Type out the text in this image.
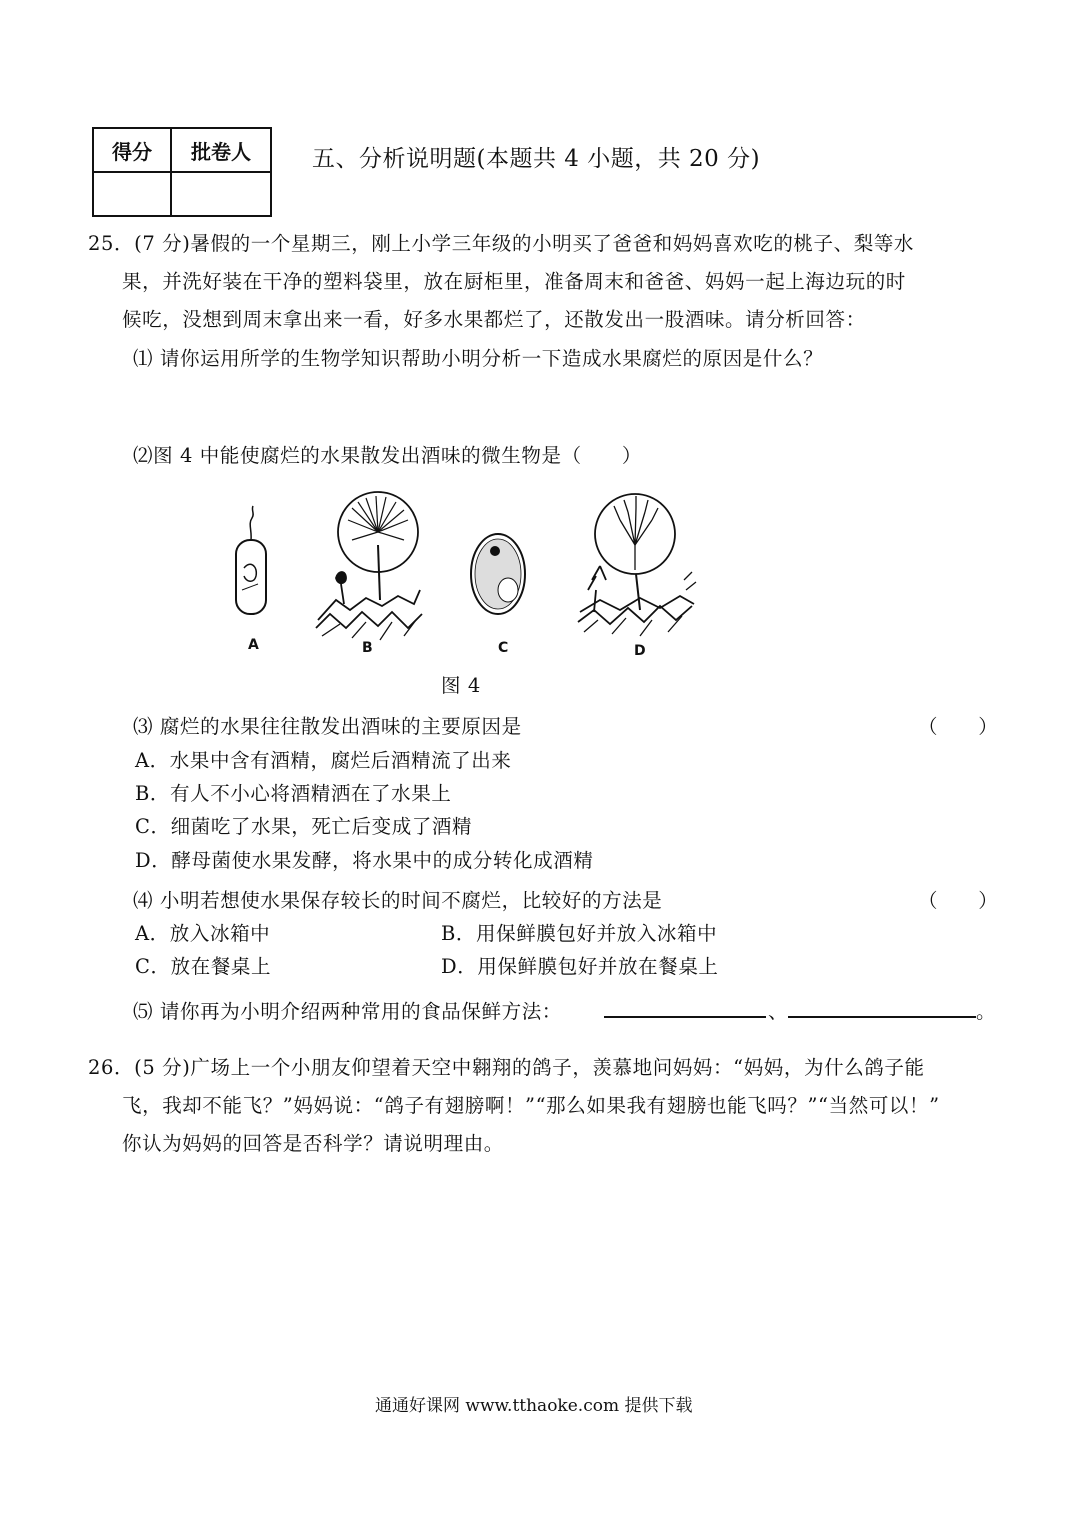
得分	批卷人
		五、分析说明题(本题共 4 小题，共 20 分)
25．(7 分)暑假的一个星期三，刚上小学三年级的小明买了爸爸和妈妈喜欢吃的桃子、梨等水
果，并洗好装在干净的塑料袋里，放在厨柜里，准备周末和爸爸、妈妈一起上海边玩的时
候吃，没想到周末拿出来一看，好多水果都烂了，还散发出一股酒味。请分析回答：
⑴ 请你运用所学的生物学知识帮助小明分析一下造成水果腐烂的原因是什么？
⑵图 4 中能使腐烂的水果散发出酒味的微生物是（　　）
A	B	C	D
图 4
⑶ 腐烂的水果往往散发出酒味的主要原因是	（　　）
A．水果中含有酒精，腐烂后酒精流了出来
B．有人不小心将酒精洒在了水果上
C．细菌吃了水果，死亡后变成了酒精
D．酵母菌使水果发酵，将水果中的成分转化成酒精
⑷ 小明若想使水果保存较长的时间不腐烂，比较好的方法是	（　　）
A．放入冰箱中	B．用保鲜膜包好并放入冰箱中
C．放在餐桌上	D．用保鲜膜包好并放在餐桌上
⑸ 请你再为小明介绍两种常用的食品保鲜方法：	、	。
26．(5 分)广场上一个小朋友仰望着天空中翱翔的鸽子，羡慕地问妈妈：“妈妈，为什么鸽子能
飞，我却不能飞？”妈妈说：“鸽子有翅膀啊！”“那么如果我有翅膀也能飞吗？”“当然可以！”
你认为妈妈的回答是否科学？请说明理由。
通通好课网 www.tthaoke.com 提供下载
